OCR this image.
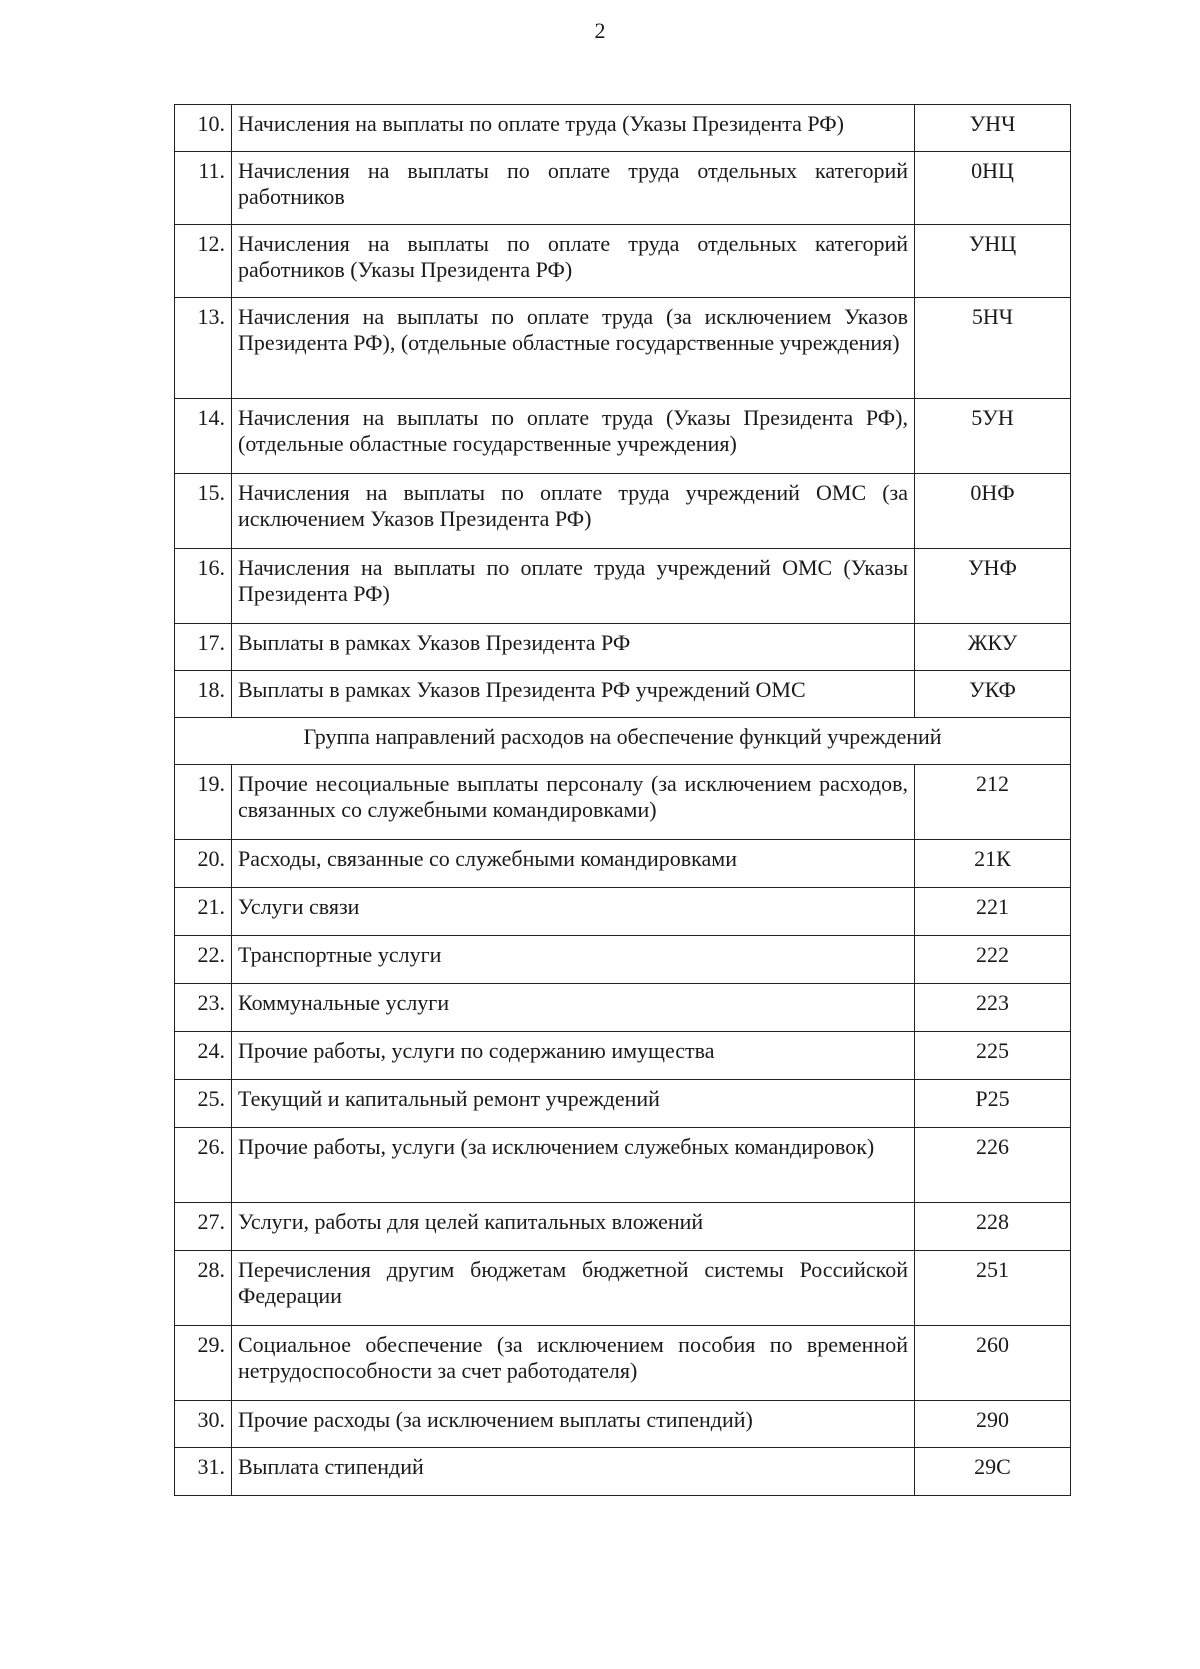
2
10.	Начисления на выплаты по оплате труда (Указы Президента РФ)	УНЧ
11.	Начисления на выплаты по оплате труда отдельных категорий работников	0НЦ
12.	Начисления на выплаты по оплате труда отдельных категорий работников (Указы Президента РФ)	УНЦ
13.	Начисления на выплаты по оплате труда (за исключением Указов Президента РФ), (отдельные областные государственные учреждения)	5НЧ
14.	Начисления на выплаты по оплате труда (Указы Президента РФ), (отдельные областные государственные учреждения)	5УН
15.	Начисления на выплаты по оплате труда учреждений ОМС (за исключением Указов Президента РФ)	0НФ
16.	Начисления на выплаты по оплате труда учреждений ОМС (Указы Президента РФ)	УНФ
17.	Выплаты в рамках Указов Президента РФ	ЖКУ
18.	Выплаты в рамках Указов Президента РФ учреждений ОМС	УКФ
Группа направлений расходов на обеспечение функций учреждений		
19.	Прочие несоциальные выплаты персоналу (за исключением расходов, связанных со служебными командировками)	212
20.	Расходы, связанные со служебными командировками	21К
21.	Услуги связи	221
22.	Транспортные услуги	222
23.	Коммунальные услуги	223
24.	Прочие работы, услуги по содержанию имущества	225
25.	Текущий и капитальный ремонт учреждений	Р25
26.	Прочие работы, услуги (за исключением служебных командировок)	226
27.	Услуги, работы для целей капитальных вложений	228
28.	Перечисления другим бюджетам бюджетной системы Российской Федерации	251
29.	Социальное обеспечение (за исключением пособия по временной нетрудоспособности за счет работодателя)	260
30.	Прочие расходы (за исключением выплаты стипендий)	290
31.	Выплата стипендий	29С
